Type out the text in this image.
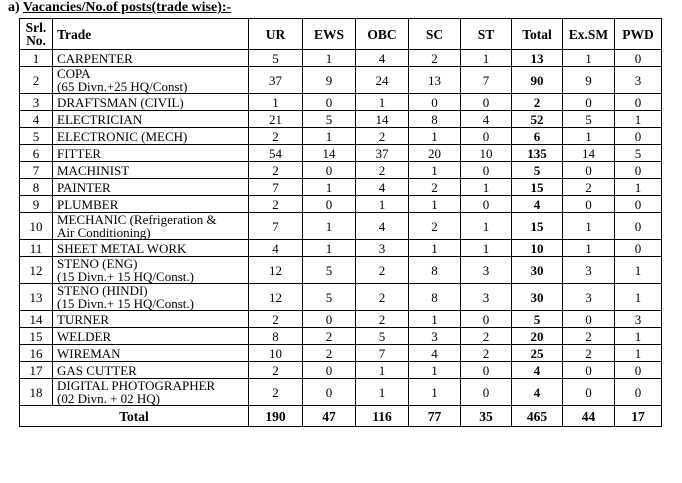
a) Vacancies/No.of posts(trade wise):-
Srl. No.	Trade	UR	EWS	OBC	SC	ST	Total	Ex.SM	PWD
1	CARPENTER	5	1	4	2	1	13	1	0
2	COPA
(65 Divn.+25 HQ/Const)	37	9	24	13	7	90	9	3
3	DRAFTSMAN (CIVIL)	1	0	1	0	0	2	0	0
4	ELECTRICIAN	21	5	14	8	4	52	5	1
5	ELECTRONIC (MECH)	2	1	2	1	0	6	1	0
6	FITTER	54	14	37	20	10	135	14	5
7	MACHINIST	2	0	2	1	0	5	0	0
8	PAINTER	7	1	4	2	1	15	2	1
9	PLUMBER	2	0	1	1	0	4	0	0
10	MECHANIC (Refrigeration &
Air Conditioning)	7	1	4	2	1	15	1	0
11	SHEET METAL WORK	4	1	3	1	1	10	1	0
12	STENO (ENG)
(15 Divn.+ 15 HQ/Const.)	12	5	2	8	3	30	3	1
13	STENO (HINDI)
(15 Divn.+ 15 HQ/Const.)	12	5	2	8	3	30	3	1
14	TURNER	2	0	2	1	0	5	0	3
15	WELDER	8	2	5	3	2	20	2	1
16	WIREMAN	10	2	7	4	2	25	2	1
17	GAS CUTTER	2	0	1	1	0	4	0	0
18	DIGITAL PHOTOGRAPHER
(02 Divn. + 02 HQ)	2	0	1	1	0	4	0	0
Total		190	47	116	77	35	465	44	17
